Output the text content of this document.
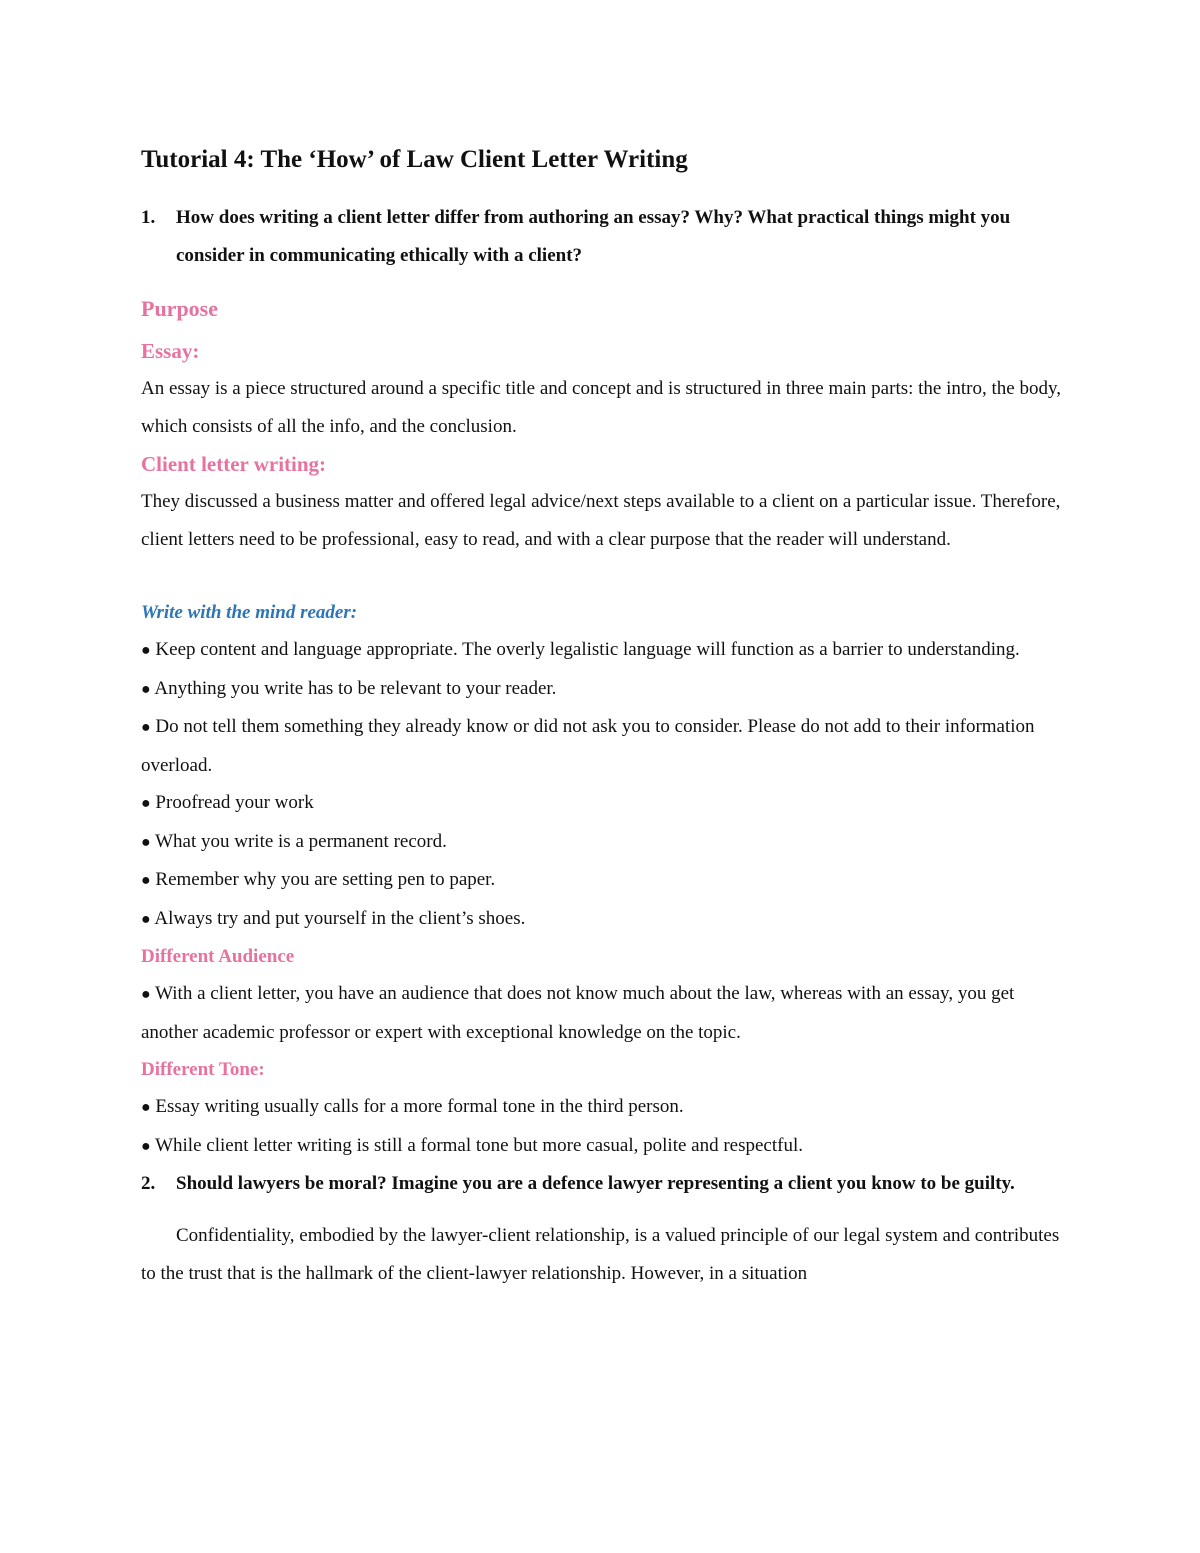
Tutorial 4: The ‘How’ of Law Client Letter Writing
1.	How does writing a client letter differ from authoring an essay? Why? What practical things might you consider in communicating ethically with a client?
Purpose
Essay:

An essay is a piece structured around a specific title and concept and is structured in three main parts: the intro, the body, which consists of all the info, and the conclusion.

Client letter writing:

They discussed a business matter and offered legal advice/next steps available to a client on a particular issue. Therefore, client letters need to be professional, easy to read, and with a clear purpose that the reader will understand.

Write with the mind reader:

● Keep content and language appropriate. The overly legalistic language will function as a barrier to understanding.

● Anything you write has to be relevant to your reader.

● Do not tell them something they already know or did not ask you to consider. Please do not add to their information overload.

● Proofread your work

● What you write is a permanent record.

● Remember why you are setting pen to paper.

● Always try and put yourself in the client’s shoes.

Different Audience

● With a client letter, you have an audience that does not know much about the law, whereas with an essay, you get another academic professor or expert with exceptional knowledge on the topic.

Different Tone:

● Essay writing usually calls for a more formal tone in the third person.

● While client letter writing is still a formal tone but more casual, polite and respectful.

2.	Should lawyers be moral? Imagine you are a defence lawyer representing a client you know to be guilty.

Confidentiality, embodied by the lawyer-client relationship, is a valued principle of our legal system and contributes to the trust that is the hallmark of the client-lawyer relationship. However, in a situation
